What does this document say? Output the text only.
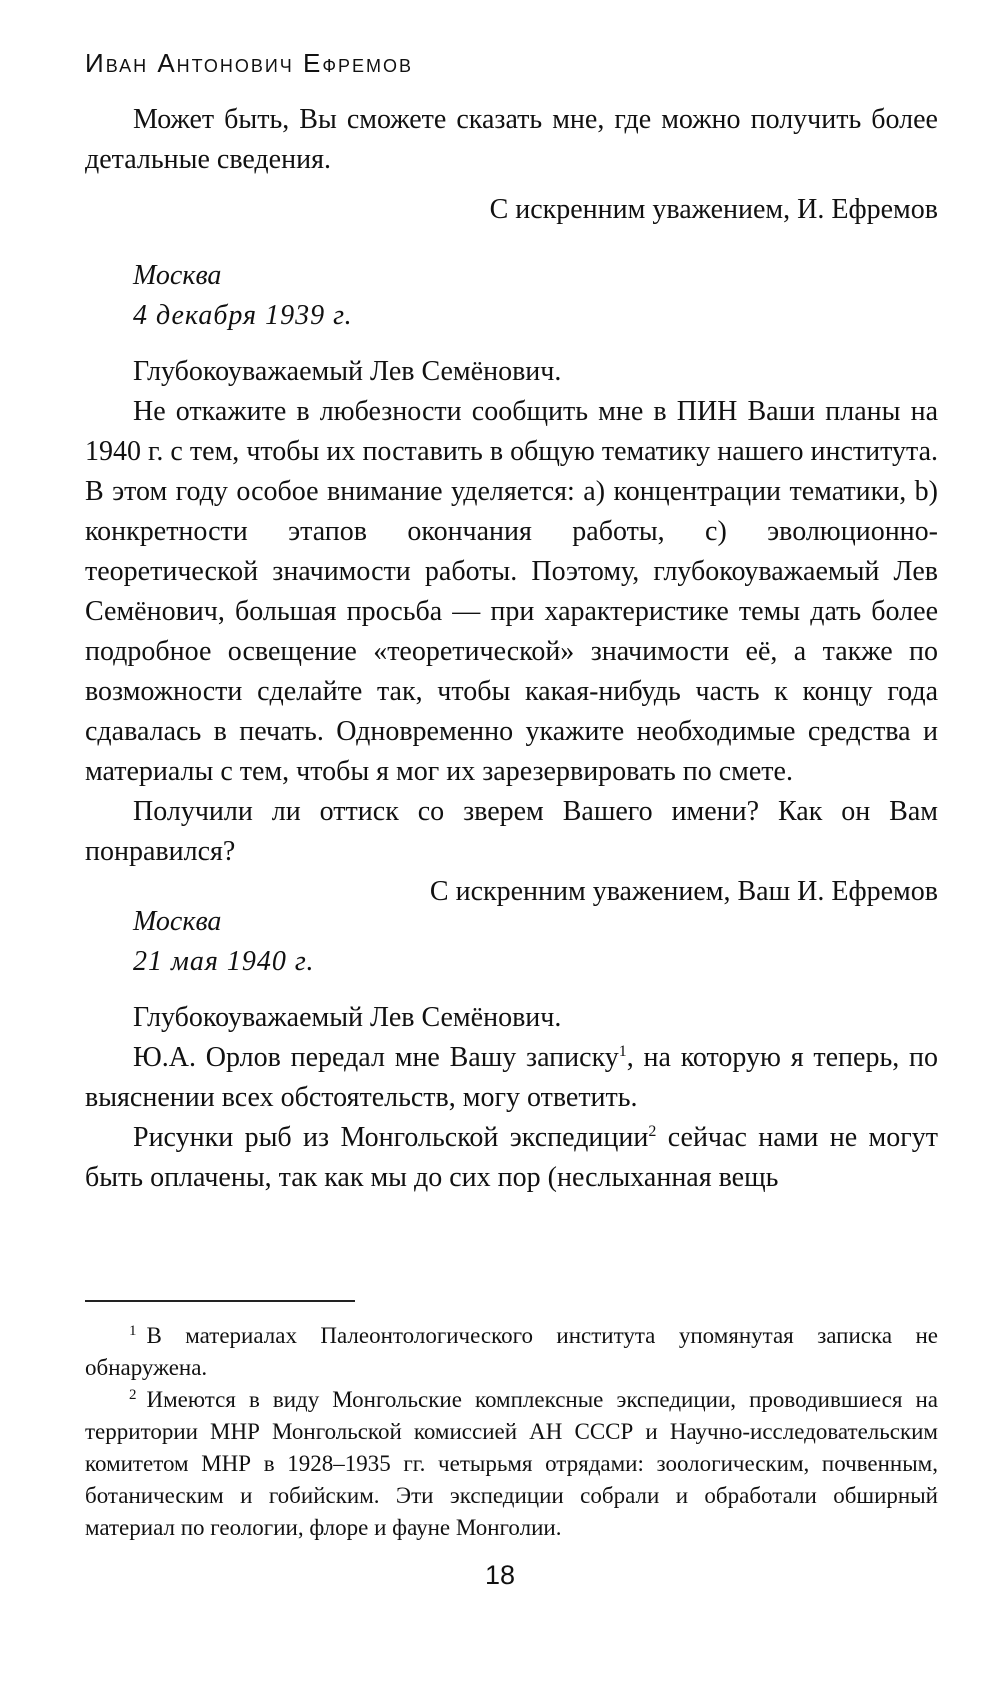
Иван Антонович Ефремов

Может быть, Вы сможете сказать мне, где можно получить более детальные сведения.

С искренним уважением, И. Ефремов

Москва

4 декабря 1939 г.

Глубокоуважаемый Лев Семёнович.

Не откажите в любезности сообщить мне в ПИН Ваши планы на 1940 г. с тем, чтобы их поставить в общую тематику нашего института. В этом году особое внимание уделяется: а) концентрации тематики, b) конкретности этапов окончания работы, с) эволюционно-теоретической значимости работы. Поэтому, глубокоуважаемый Лев Семёнович, большая просьба — при характеристике темы дать более подробное освещение «теоретической» значимости её, а также по возможности сделайте так, чтобы какая-нибудь часть к концу года сдавалась в печать. Одновременно укажите необходимые средства и материалы с тем, чтобы я мог их зарезервировать по смете.

Получили ли оттиск со зверем Вашего имени? Как он Вам понравился?

С искренним уважением, Ваш И. Ефремов

Москва

21 мая 1940 г.

Глубокоуважаемый Лев Семёнович.

Ю.А. Орлов передал мне Вашу записку$^1$, на которую я теперь, по выяснении всех обстоятельств, могу ответить.

Рисунки рыб из Монгольской экспедиции$^2$ сейчас нами не могут быть оплачены, так как мы до сих пор (неслыханная вещь

$^1$ В материалах Палеонтологического института упомянутая записка не обнаружена.

$^2$ Имеются в виду Монгольские комплексные экспедиции, проводившиеся на территории МНР Монгольской комиссией АН СССР и Научно-исследовательским комитетом МНР в 1928–1935 гг. четырьмя отрядами: зоологическим, почвенным, ботаническим и гобийским. Эти экспедиции собрали и обработали обширный материал по геологии, флоре и фауне Монголии.

18
